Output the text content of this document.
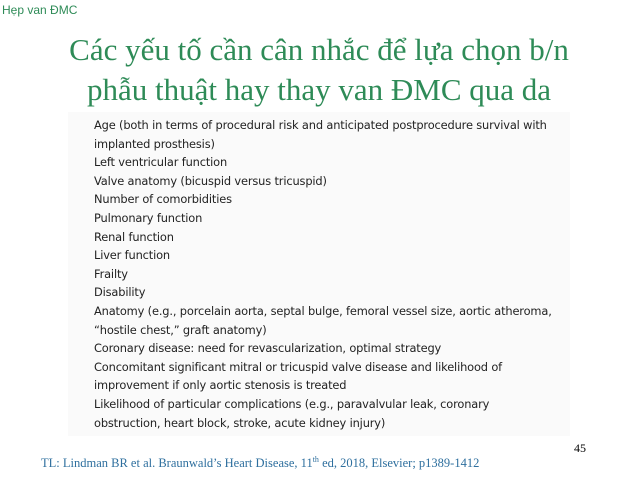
Hẹp van ĐMC
Các yếu tố cần cân nhắc để lựa chọn b/n
phẫu thuật hay thay van ĐMC qua da
Age (both in terms of procedural risk and anticipated postprocedure survival with
implanted prosthesis)
Left ventricular function
Valve anatomy (bicuspid versus tricuspid)
Number of comorbidities
Pulmonary function
Renal function
Liver function
Frailty
Disability
Anatomy (e.g., porcelain aorta, septal bulge, femoral vessel size, aortic atheroma,
“hostile chest,” graft anatomy)
Coronary disease: need for revascularization, optimal strategy
Concomitant significant mitral or tricuspid valve disease and likelihood of
improvement if only aortic stenosis is treated
Likelihood of particular complications (e.g., paravalvular leak, coronary
obstruction, heart block, stroke, acute kidney injury)
45
TL: Lindman BR et al. Braunwald’s Heart Disease, 11th ed, 2018, Elsevier; p1389-1412
